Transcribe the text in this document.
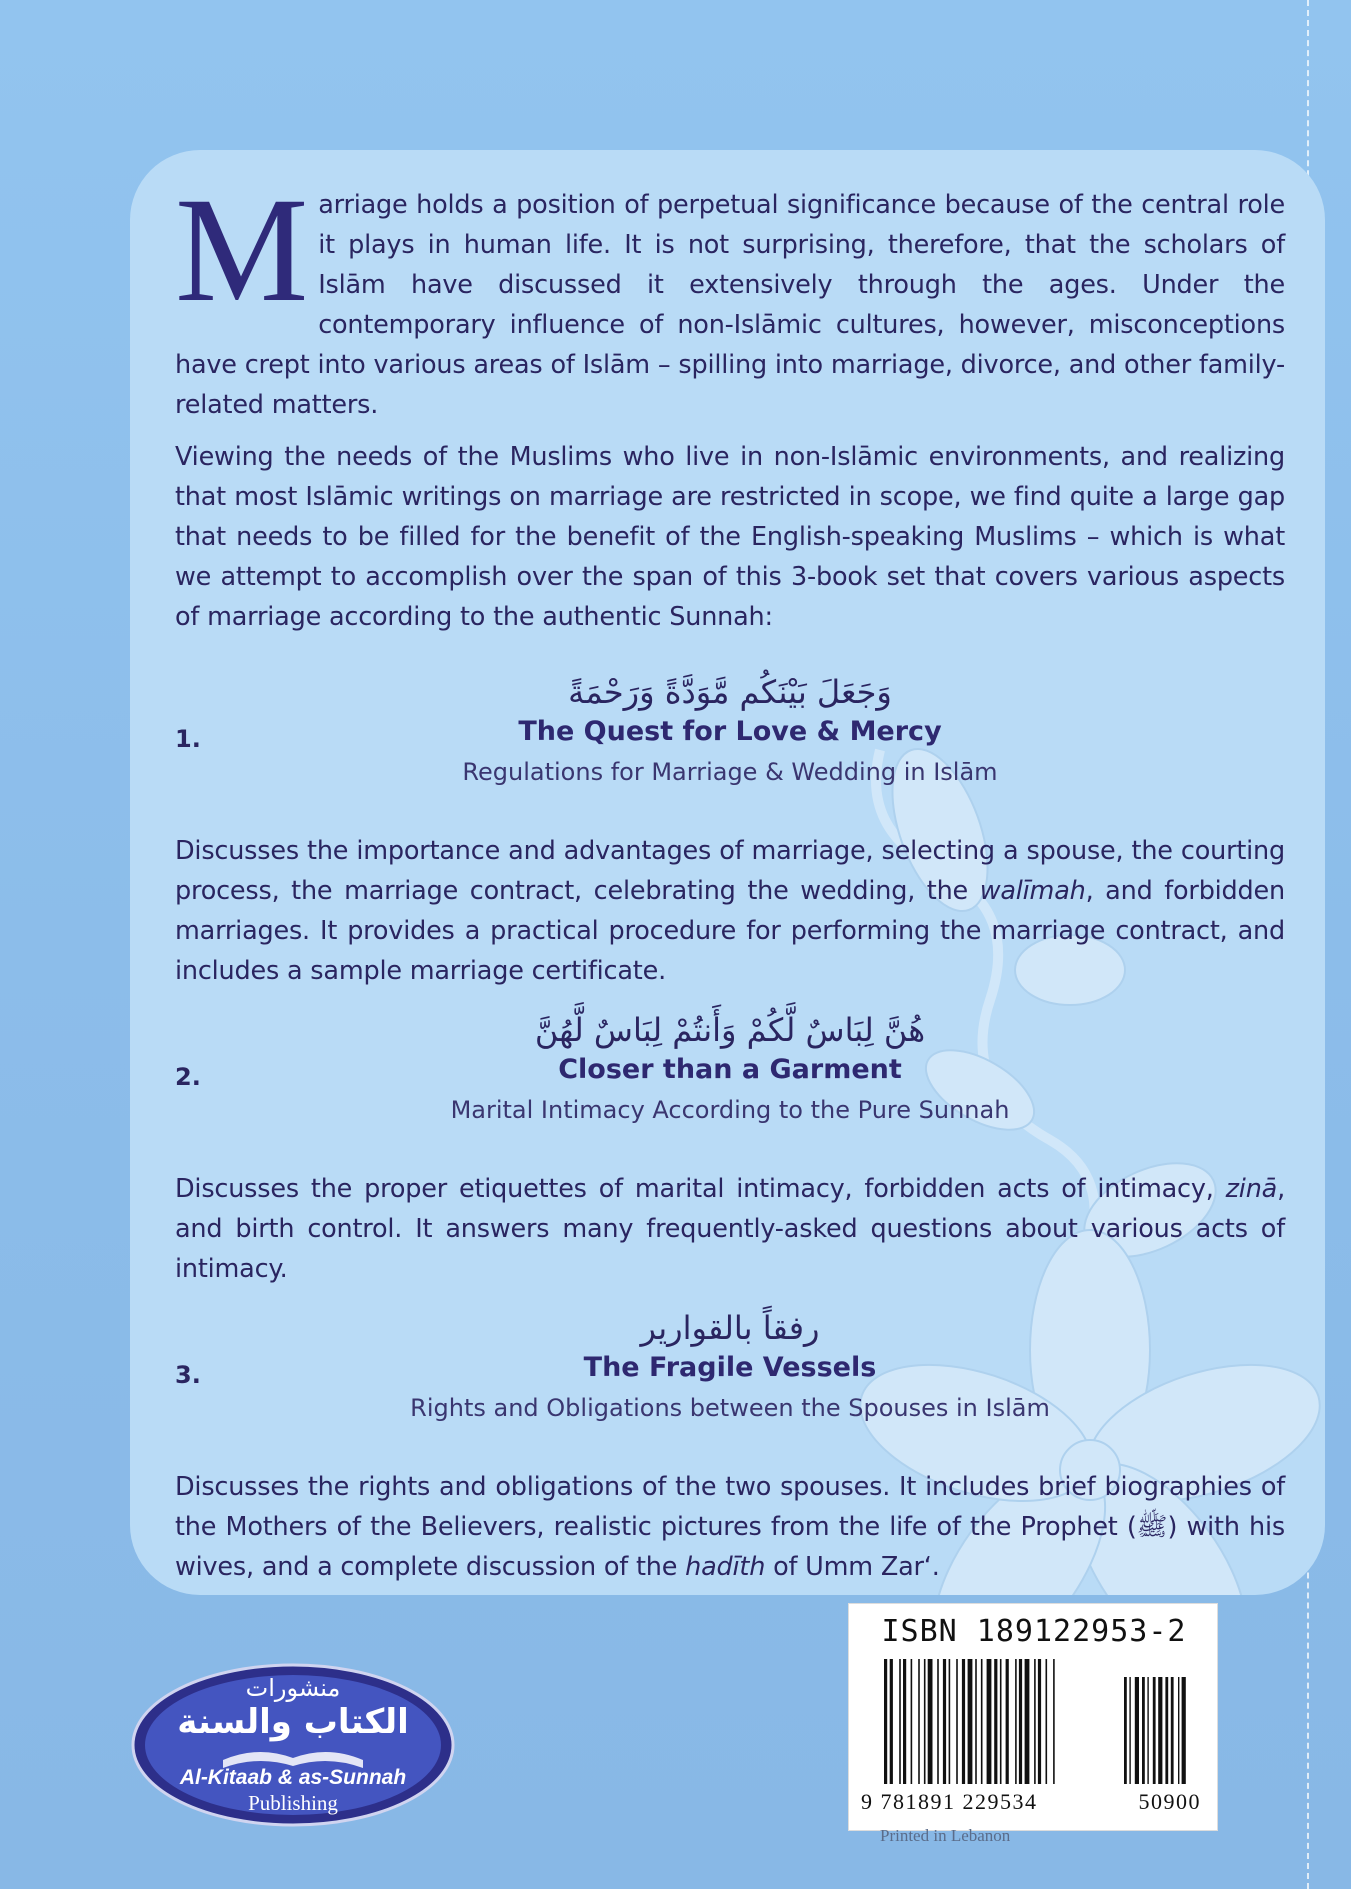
Marriage holds a position of perpetual significance because of the central role it plays in human life. It is not surprising, therefore, that the scholars of Islām have discussed it extensively through the ages. Under the contemporary influence of non-Islāmic cultures, however, misconceptions have crept into various areas of Islām – spilling into marriage, divorce, and other family-related matters.

Viewing the needs of the Muslims who live in non-Islāmic environments, and realizing that most Islāmic writings on marriage are restricted in scope, we find quite a large gap that needs to be filled for the benefit of the English-speaking Muslims – which is what we attempt to accomplish over the span of this 3-book set that covers various aspects of marriage according to the authentic Sunnah:

وَجَعَلَ بَيْنَكُم مَّوَدَّةً وَرَحْمَةً
1.	The Quest for Love & Mercy
Regulations for Marriage & Wedding in Islām

Discusses the importance and advantages of marriage, selecting a spouse, the courting process, the marriage contract, celebrating the wedding, the walīmah, and forbidden marriages. It provides a practical procedure for performing the marriage contract, and includes a sample marriage certificate.

هُنَّ لِبَاسٌ لَّكُمْ وَأَنتُمْ لِبَاسٌ لَّهُنَّ
2.	Closer than a Garment
Marital Intimacy According to the Pure Sunnah

Discusses the proper etiquettes of marital intimacy, forbidden acts of intimacy, zinā, and birth control. It answers many frequently-asked questions about various acts of intimacy.

رفقاً بالقوارير
3.	The Fragile Vessels
Rights and Obligations between the Spouses in Islām

Discusses the rights and obligations of the two spouses. It includes brief biographies of the Mothers of the Believers, realistic pictures from the life of the Prophet (ﷺ) with his wives, and a complete discussion of the hadīth of Umm Zar‘.

منشورات
الكتاب والسنة
Al-Kitaab & as-Sunnah
Publishing
ISBN 189122953-2
9 781891 229534	50900
Printed in Lebanon
